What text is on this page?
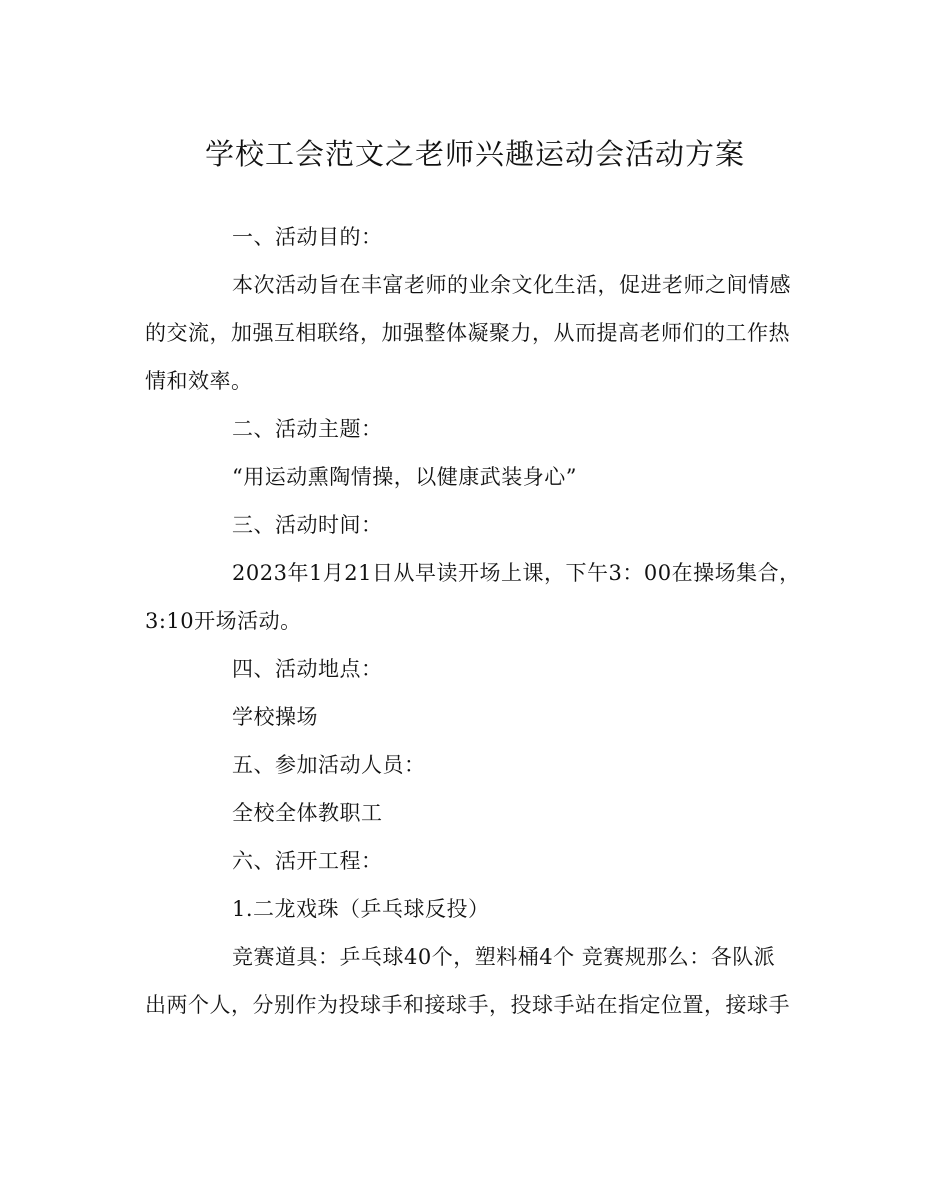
学校工会范文之老师兴趣运动会活动方案
一、活动目的：
本次活动旨在丰富老师的业余文化生活，促进老师之间情感
的交流，加强互相联络，加强整体凝聚力，从而提高老师们的工作热
情和效率。
二、活动主题：
“用运动熏陶情操，以健康武装身心”
三、活动时间：
2023年1月21日从早读开场上课，下午3：00在操场集合，
3:10开场活动。
四、活动地点：
学校操场
五、参加活动人员：
全校全体教职工
六、活开工程：
1.二龙戏珠（乒乓球反投）
竞赛道具：乒乓球40个，塑料桶4个 竞赛规那么：各队派
出两个人，分别作为投球手和接球手，投球手站在指定位置，接球手
